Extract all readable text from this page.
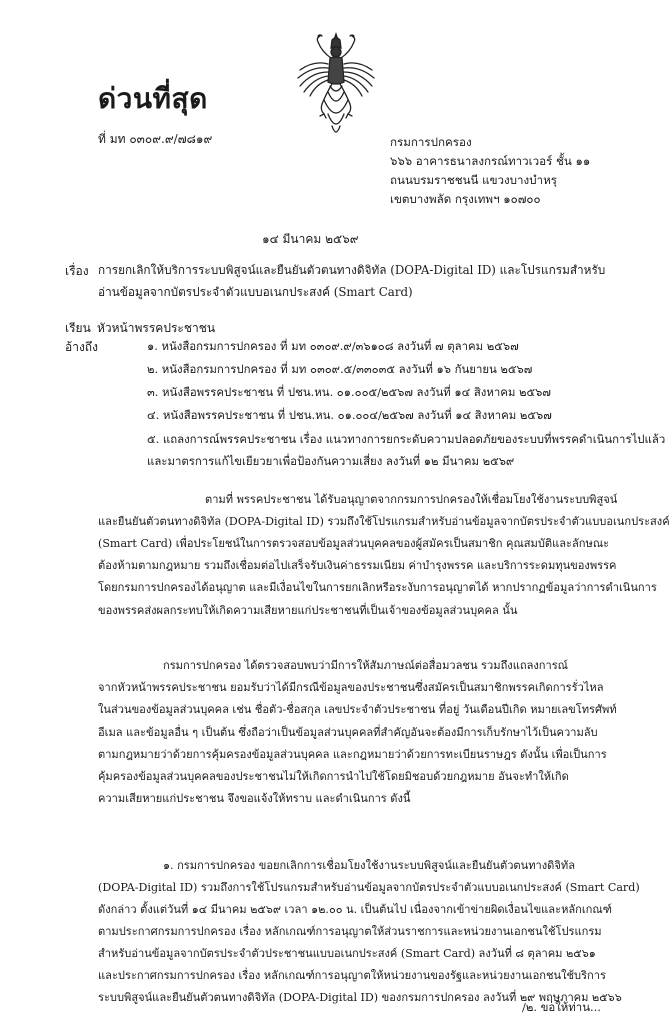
ด่วนที่สุด
ที่ มท ๐๓๐๙.๙/๗๘๑๙	กรมการปกครอง
๖๖๖ อาคารธนาลงกรณ์ทาวเวอร์ ชั้น ๑๑
ถนนบรมราชชนนี แขวงบางบำหรุ
เขตบางพลัด กรุงเทพฯ ๑๐๗๐๐
๑๔ มีนาคม ๒๕๖๙
เรื่อง การยกเลิกให้บริการระบบพิสูจน์และยืนยันตัวตนทางดิจิทัล (DOPA-Digital ID) และโปรแกรมสำหรับ
อ่านข้อมูลจากบัตรประจำตัวแบบอเนกประสงค์ (Smart Card)
เรียน หัวหน้าพรรคประชาชน
อ้างถึง	๑. หนังสือกรมการปกครอง ที่ มท ๐๓๐๙.๙/๓๖๑๐๘ ลงวันที่ ๗ ตุลาคม ๒๕๖๗
๒. หนังสือกรมการปกครอง ที่ มท ๐๓๐๙.๕/๓๓๐๓๕ ลงวันที่ ๑๖ กันยายน ๒๕๖๗
๓. หนังสือพรรคประชาชน ที่ ปชน.หน. ๐๑.๐๐๕/๒๕๖๗ ลงวันที่ ๑๔ สิงหาคม ๒๕๖๗
๔. หนังสือพรรคประชาชน ที่ ปชน.หน. ๐๑.๐๐๔/๒๕๖๗ ลงวันที่ ๑๔ สิงหาคม ๒๕๖๗
๕. แถลงการณ์พรรคประชาชน เรื่อง แนวทางการยกระดับความปลอดภัยของระบบที่พรรคดำเนินการไปแล้ว
และมาตรการแก้ไขเยียวยาเพื่อป้องกันความเสี่ยง ลงวันที่ ๑๒ มีนาคม ๒๕๖๙
ตามที่ พรรคประชาชน ได้รับอนุญาตจากกรมการปกครองให้เชื่อมโยงใช้งานระบบพิสูจน์
และยืนยันตัวตนทางดิจิทัล (DOPA-Digital ID) รวมถึงใช้โปรแกรมสำหรับอ่านข้อมูลจากบัตรประจำตัวแบบอเนกประสงค์
(Smart Card) เพื่อประโยชน์ในการตรวจสอบข้อมูลส่วนบุคคลของผู้สมัครเป็นสมาชิก คุณสมบัติและลักษณะ
ต้องห้ามตามกฎหมาย รวมถึงเชื่อมต่อไปเสร็จรับเงินค่าธรรมเนียม ค่าบำรุงพรรค และบริการระดมทุนของพรรค
โดยกรมการปกครองได้อนุญาต และมีเงื่อนไขในการยกเลิกหรือระงับการอนุญาตได้ หากปรากฏข้อมูลว่าการดำเนินการ
ของพรรคส่งผลกระทบให้เกิดความเสียหายแก่ประชาชนที่เป็นเจ้าของข้อมูลส่วนบุคคล นั้น
กรมการปกครอง ได้ตรวจสอบพบว่ามีการให้สัมภาษณ์ต่อสื่อมวลชน รวมถึงแถลงการณ์
จากหัวหน้าพรรคประชาชน ยอมรับว่าได้มีกรณีข้อมูลของประชาชนซึ่งสมัครเป็นสมาชิกพรรคเกิดการรั่วไหล
ในส่วนของข้อมูลส่วนบุคคล เช่น ชื่อตัว-ชื่อสกุล เลขประจำตัวประชาชน ที่อยู่ วันเดือนปีเกิด หมายเลขโทรศัพท์
อีเมล และข้อมูลอื่น ๆ เป็นต้น ซึ่งถือว่าเป็นข้อมูลส่วนบุคคลที่สำคัญอันจะต้องมีการเก็บรักษาไว้เป็นความลับ
ตามกฎหมายว่าด้วยการคุ้มครองข้อมูลส่วนบุคคล และกฎหมายว่าด้วยการทะเบียนราษฎร ดังนั้น เพื่อเป็นการ
คุ้มครองข้อมูลส่วนบุคคลของประชาชนไม่ให้เกิดการนำไปใช้โดยมิชอบด้วยกฎหมาย อันจะทำให้เกิด
ความเสียหายแก่ประชาชน จึงขอแจ้งให้ทราบ และดำเนินการ ดังนี้
๑. กรมการปกครอง ขอยกเลิกการเชื่อมโยงใช้งานระบบพิสูจน์และยืนยันตัวตนทางดิจิทัล
(DOPA-Digital ID) รวมถึงการใช้โปรแกรมสำหรับอ่านข้อมูลจากบัตรประจำตัวแบบอเนกประสงค์ (Smart Card)
ดังกล่าว ตั้งแต่วันที่ ๑๔ มีนาคม ๒๕๖๙ เวลา ๑๒.๐๐ น. เป็นต้นไป เนื่องจากเข้าข่ายผิดเงื่อนไขและหลักเกณฑ์
ตามประกาศกรมการปกครอง เรื่อง หลักเกณฑ์การอนุญาตให้ส่วนราชการและหน่วยงานเอกชนใช้โปรแกรม
สำหรับอ่านข้อมูลจากบัตรประจำตัวประชาชนแบบอเนกประสงค์ (Smart Card) ลงวันที่ ๘ ตุลาคม ๒๕๖๑
และประกาศกรมการปกครอง เรื่อง หลักเกณฑ์การอนุญาตให้หน่วยงานของรัฐและหน่วยงานเอกชนใช้บริการ
ระบบพิสูจน์และยืนยันตัวตนทางดิจิทัล (DOPA-Digital ID) ของกรมการปกครอง ลงวันที่ ๒๙ พฤษภาคม ๒๕๖๖
/๒. ขอให้ท่าน...
